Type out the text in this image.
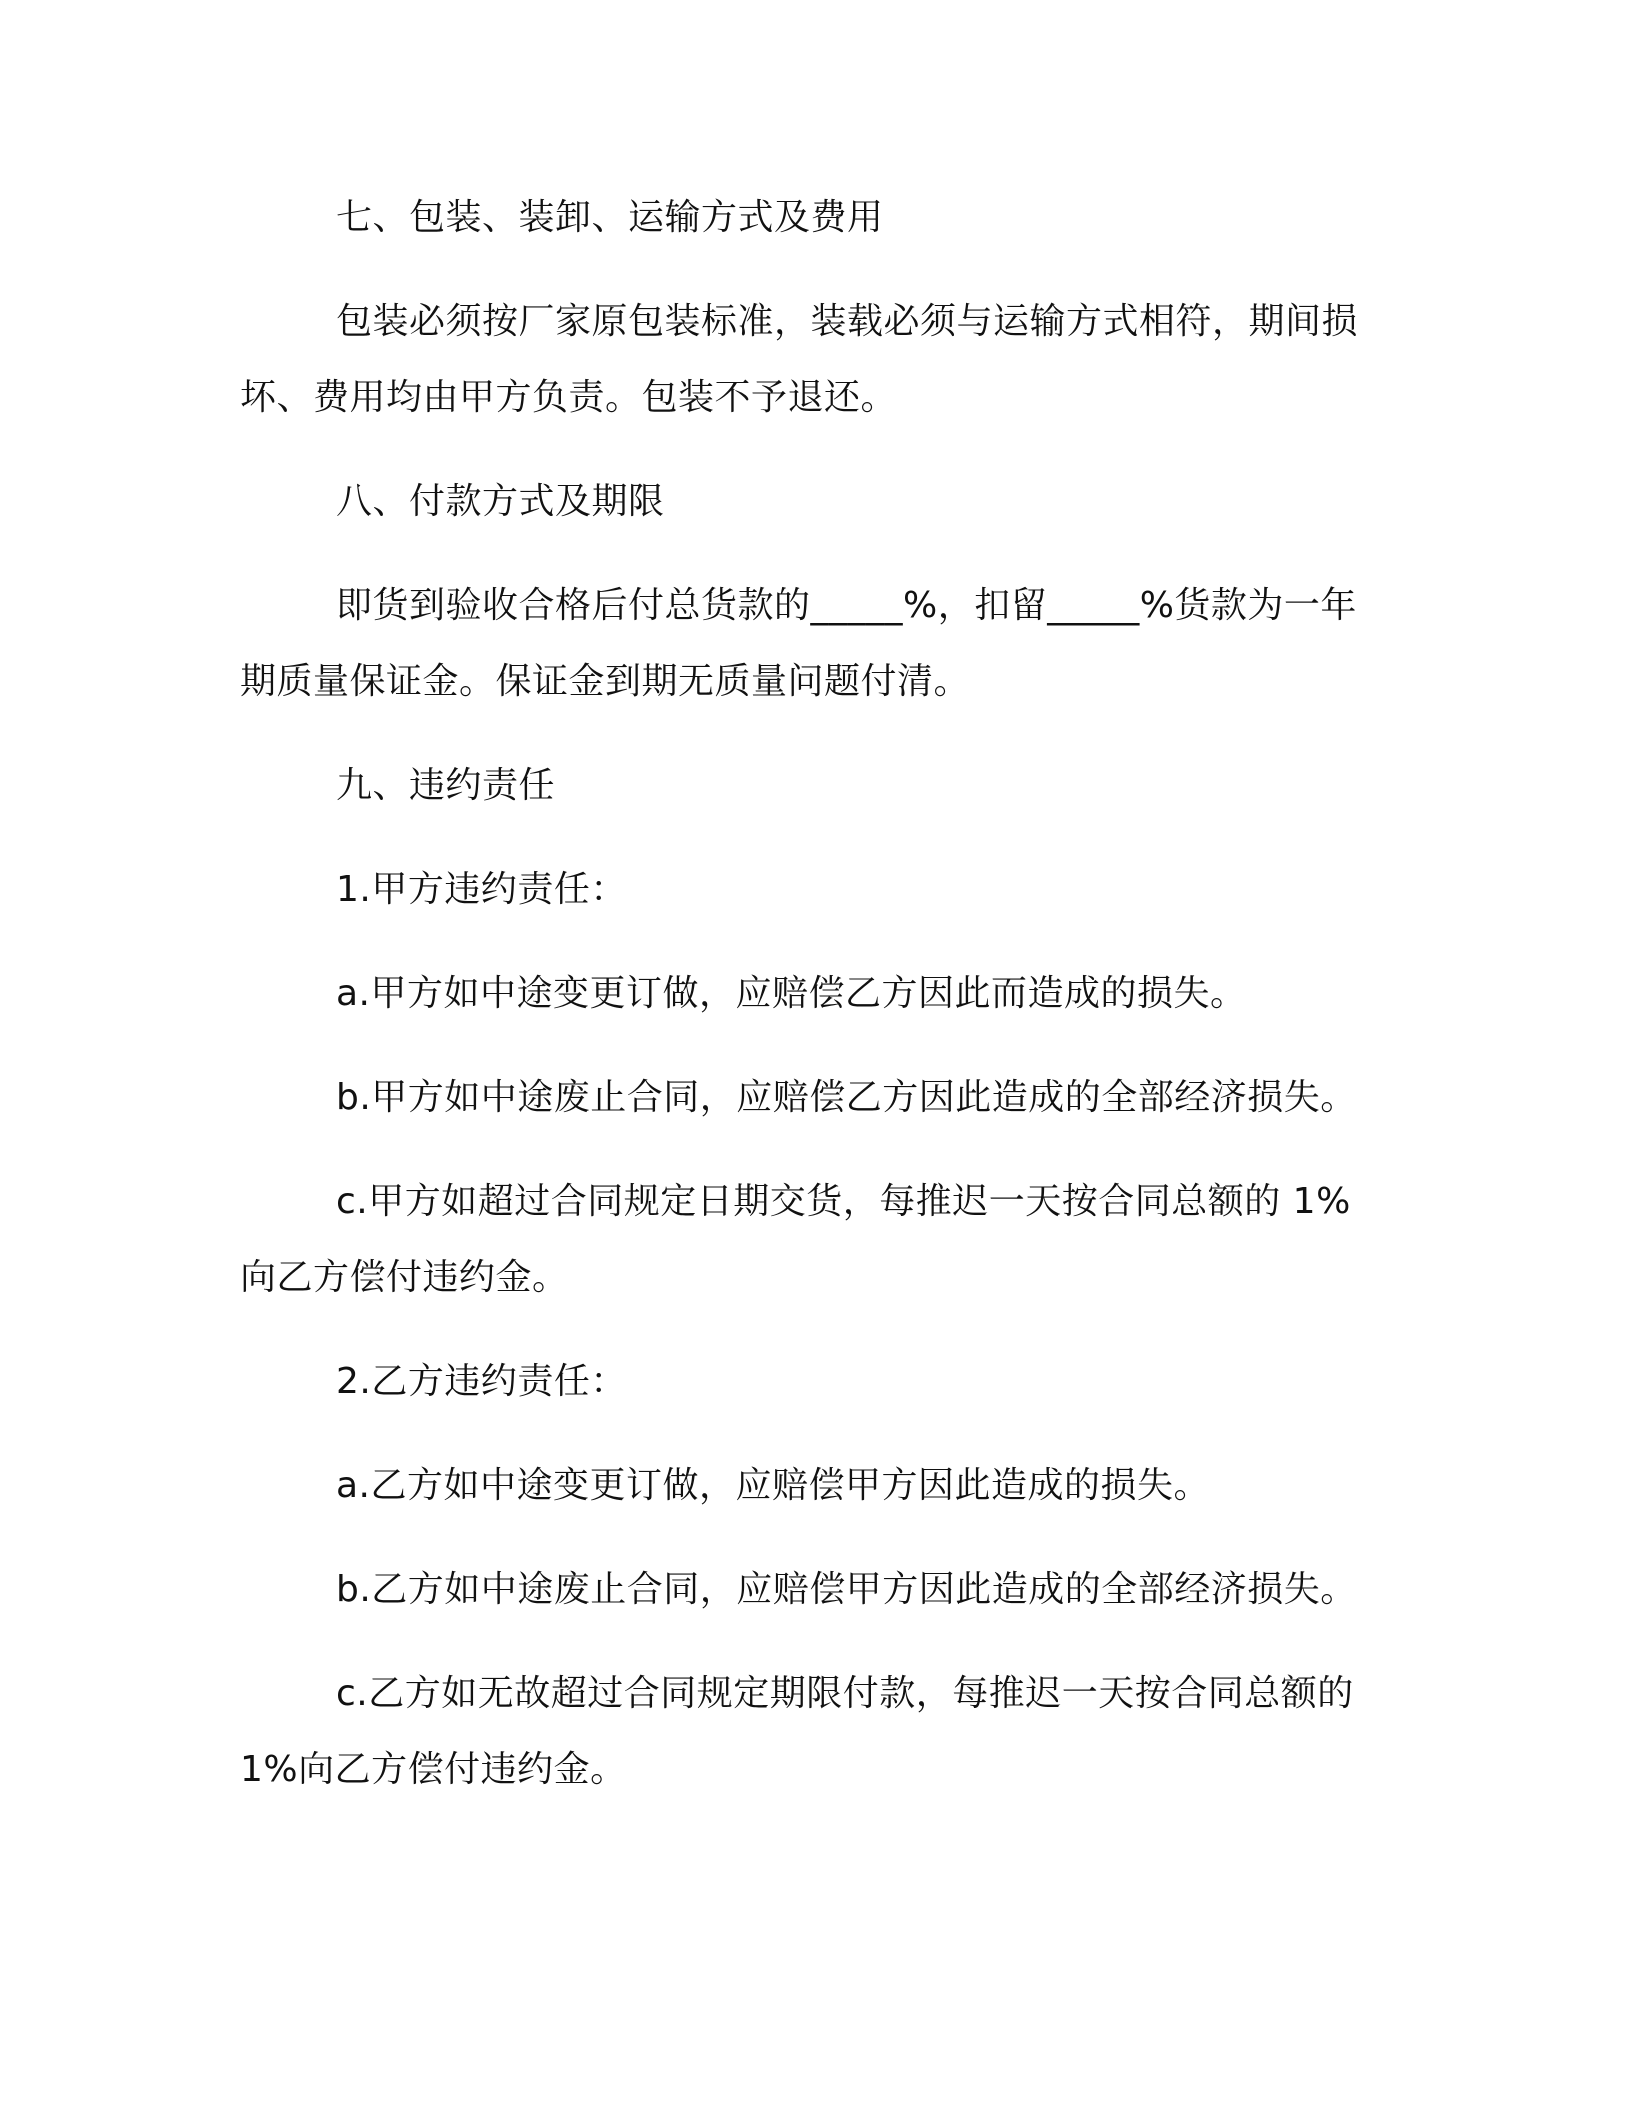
七、包装、装卸、运输方式及费用

包装必须按厂家原包装标准，装载必须与运输方式相符，期间损坏、费用均由甲方负责。包装不予退还。

八、付款方式及期限

即货到验收合格后付总货款的_____%，扣留_____%货款为一年期质量保证金。保证金到期无质量问题付清。

九、违约责任

1.甲方违约责任：

a.甲方如中途变更订做，应赔偿乙方因此而造成的损失。

b.甲方如中途废止合同，应赔偿乙方因此造成的全部经济损失。

c.甲方如超过合同规定日期交货，每推迟一天按合同总额的 1%向乙方偿付违约金。

2.乙方违约责任：

a.乙方如中途变更订做，应赔偿甲方因此造成的损失。

b.乙方如中途废止合同，应赔偿甲方因此造成的全部经济损失。

c.乙方如无故超过合同规定期限付款，每推迟一天按合同总额的1%向乙方偿付违约金。
